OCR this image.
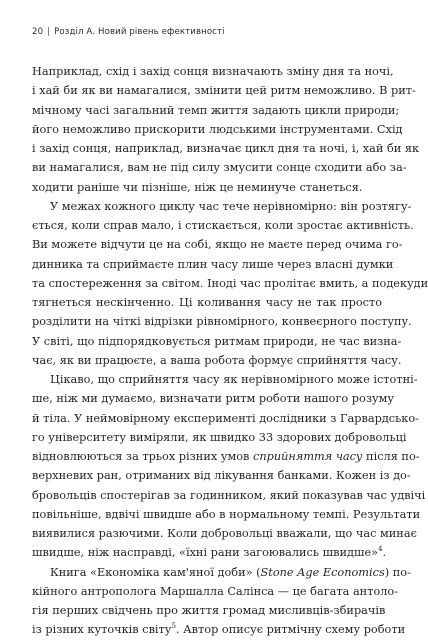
20 | Розділ А. Новий рівень ефективності
Наприклад, схід і захід сонця визначають зміну дня та ночі,
і хай би як ви намагалися, змінити цей ритм неможливо. В рит-
мічному часі загальний темп життя задають цикли природи;
його неможливо прискорити людськими інструментами. Схід
і захід сонця, наприклад, визначає цикл дня та ночі, і, хай би як
ви намагалися, вам не під силу змусити сонце сходити або за-
ходити раніше чи пізніше, ніж це неминуче станеться.
У межах кожного циклу час тече нерівномірно: він розтягу-
ється, коли справ мало, і стискається, коли зростає активність.
Ви можете відчути це на собі, якщо не маєте перед очима го-
динника та сприймаєте плин часу лише через власні думки
та спостереження за світом. Іноді час пролітає вмить, а подекуди
тягнеться нескінченно. Ці коливання часу не так просто
розділити на чіткі відрізки рівномірного, конвеєрного поступу.
У світі, що підпорядковується ритмам природи, не час визна-
чає, як ви працюєте, а ваша робота формує сприйняття часу.
Цікаво, що сприйняття часу як нерівномірного може істотні-
ше, ніж ми думаємо, визначати ритм роботи нашого розуму
й тіла. У неймовірному експерименті дослідники з Гарвардсько-
го університету виміряли, як швидко 33 здорових добровольці
відновлюються за трьох різних умов сприйняття часу після по-
верхневих ран, отриманих від лікування банками. Кожен із до-
бровольців спостерігав за годинником, який показував час удвічі
повільніше, вдвічі швидше або в нормальному темпі. Результати
виявилися разючими. Коли добровольці вважали, що час минає
швидше, ніж насправді, «їхні рани загоювались швидше»$^4$.
Книга «Економіка кам'яної доби» (Stone Age Economics) по-
кійного антрополога Маршалла Салінса — це багата антоло-
гія перших свідчень про життя громад мисливців-збирачів
із різних куточків світу$^5$. Автор описує ритмічну схему роботи
